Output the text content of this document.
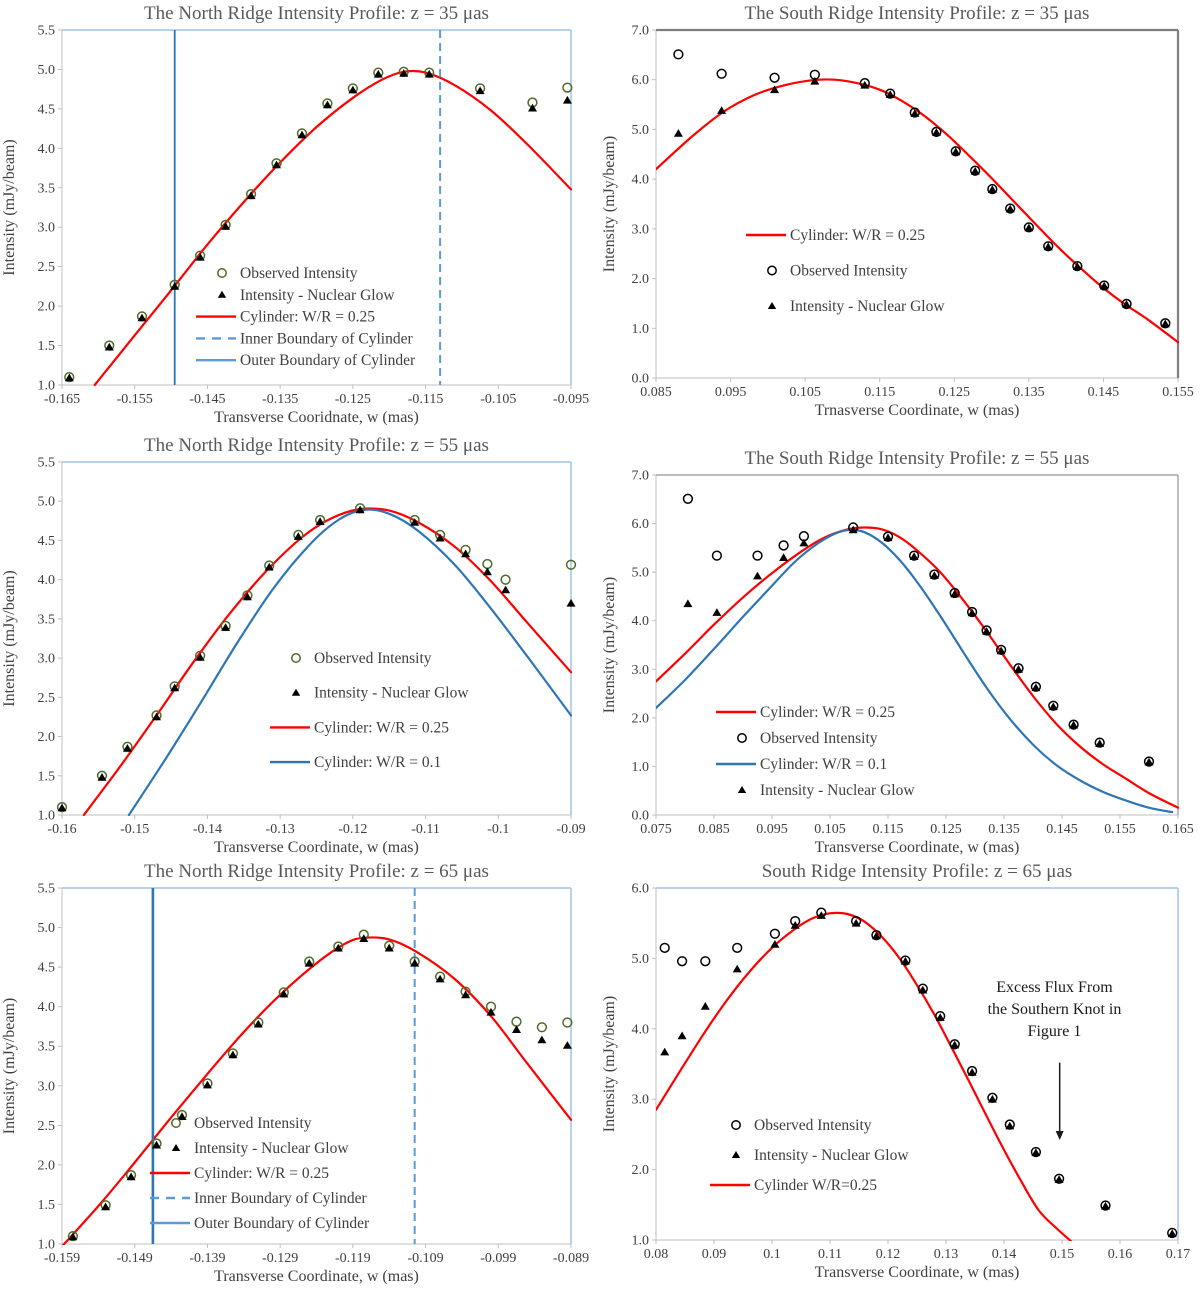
-0.165	-0.155	-0.145	-0.135	-0.125	-0.115	-0.105	-0.095
1.0
1.5
2.0
2.5
3.0
3.5
4.0
4.5
5.0
5.5
The North Ridge Intensity Profile: z = 35 μas
Transverse Cooridnate, w (mas)
Intensity (mJy/beam)	Observed Intensity
Intensity - Nuclear Glow
Cylinder: W/R = 0.25
Inner Boundary of Cylinder
Outer Boundary of Cylinder
0.085	0.095	0.105	0.115	0.125	0.135	0.145	0.155
0.0
1.0
2.0
3.0
4.0
5.0
6.0
7.0
The South Ridge Intensity Profile: z = 35 μas
Trnasverse Coordinate, w (mas)
Intensity (mJy/beam)	Cylinder: W/R = 0.25
Observed Intensity
Intensity - Nuclear Glow
-0.16	-0.15	-0.14	-0.13	-0.12	-0.11	-0.1	-0.09
1.0
1.5
2.0
2.5
3.0
3.5
4.0
4.5
5.0
5.5
The North Ridge Intensity Profile: z = 55 μas
Transverse Coordinate, w (mas)
Intensity (mJy/beam)	Observed Intensity
Intensity - Nuclear Glow
Cylinder: W/R = 0.25
Cylinder: W/R = 0.1
0.075 0.085 0.095 0.105 0.115 0.125 0.135 0.145 0.155 0.165
0.0
1.0
2.0
3.0
4.0
5.0
6.0
7.0
The South Ridge Intensity Profile: z = 55 μas
Transverse Coordinate, w (mas)
Intensity (mJy/beam)	Cylinder: W/R = 0.25
Observed Intensity
Cylinder: W/R = 0.1
Intensity - Nuclear Glow
-0.159	-0.149	-0.139	-0.129	-0.119	-0.109	-0.099	-0.089
1.0
1.5
2.0
2.5
3.0
3.5
4.0
4.5
5.0
5.5
The North Ridge Intensity Profile: z = 65 μas
Transverse Coordinate, w (mas)
Intensity (mJy/beam)	Observed Intensity
Intensity - Nuclear Glow
Cylinder: W/R = 0.25
Inner Boundary of Cylinder
Outer Boundary of Cylinder
0.08 0.09	0.1	0.11 0.12 0.13 0.14 0.15 0.16 0.17
1.0
2.0
3.0
4.0
5.0
6.0
South Ridge Intensity Profile: z = 65 μas
Transverse Coordinate, w (mas)
Intensity (mJy/beam)	Observed Intensity
Intensity - Nuclear Glow
Cylinder W/R=0.25
Excess Flux From
the Southern Knot in
Figure 1
